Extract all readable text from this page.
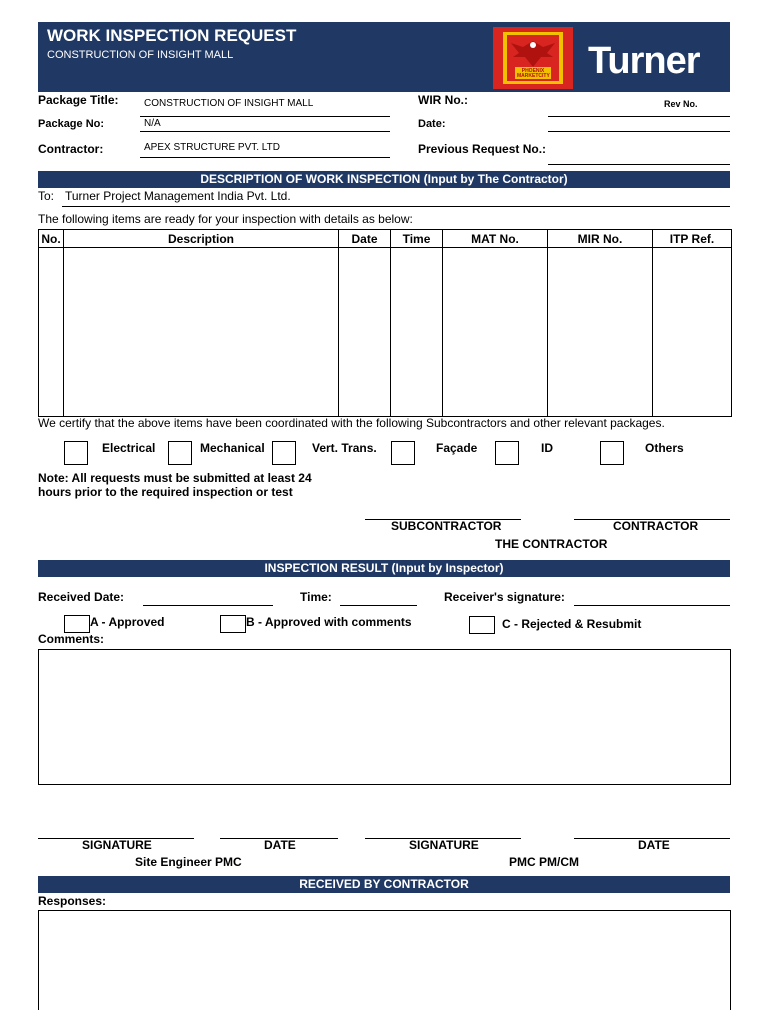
WORK INSPECTION REQUEST
CONSTRUCTION OF INSIGHT MALL
PHOENIX MARKETCITY Turner
Package Title:	CONSTRUCTION OF INSIGHT MALL	WIR No.:	Rev No.
Package No:	N/A	Date:
Contractor:	APEX STRUCTURE PVT. LTD	Previous Request No.:
DESCRIPTION OF WORK INSPECTION (Input by The Contractor)
To: Turner Project Management India Pvt. Ltd.
The following items are ready for your inspection with details as below:
No.	Description	Date	Time	MAT No.	MIR No.	ITP Ref.

We certify that the above items have been coordinated with the following Subcontractors and other relevant packages.
Electrical	Mechanical	Vert. Trans.	Façade	ID	Others
Note: All requests must be submitted at least 24
hours prior to the required inspection or test
SUBCONTRACTOR	CONTRACTOR
THE CONTRACTOR
INSPECTION RESULT (Input by Inspector)
Received Date:	Time:	Receiver's signature:
A - Approved	B - Approved with comments	C - Rejected & Resubmit
Comments:
SIGNATURE	DATE	SIGNATURE	DATE
Site Engineer PMC	PMC PM/CM
RECEIVED BY CONTRACTOR
Responses:
